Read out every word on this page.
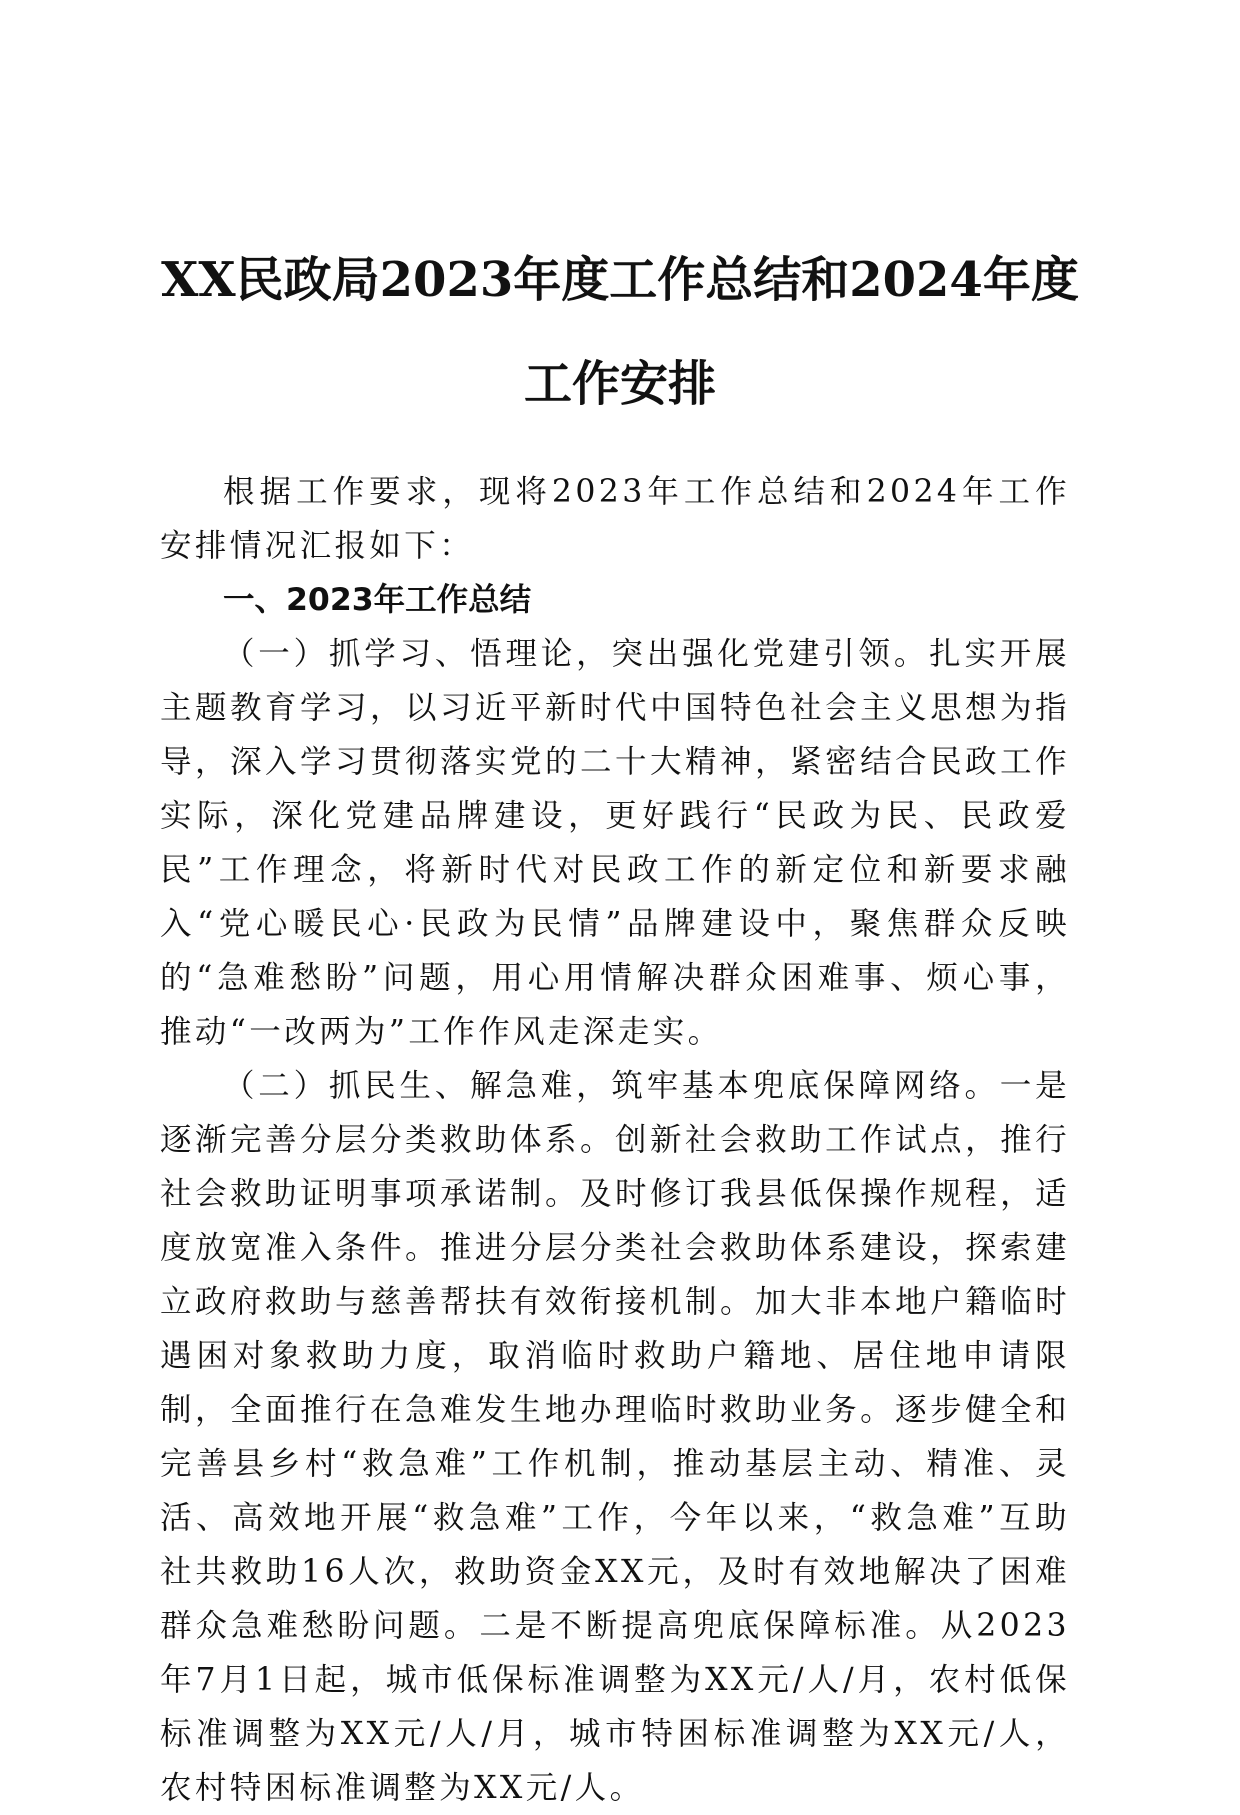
XX民政局2023年度工作总结和2024年度工作安排

根据工作要求，现将2023年工作总结和2024年工作安排情况汇报如下：

一、2023年工作总结

（一）抓学习、悟理论，突出强化党建引领。扎实开展主题教育学习，以习近平新时代中国特色社会主义思想为指导，深入学习贯彻落实党的二十大精神，紧密结合民政工作实际，深化党建品牌建设，更好践行“民政为民、民政爱民”工作理念，将新时代对民政工作的新定位和新要求融入“党心暖民心·民政为民情”品牌建设中，聚焦群众反映的“急难愁盼”问题，用心用情解决群众困难事、烦心事，推动“一改两为”工作作风走深走实。

（二）抓民生、解急难，筑牢基本兜底保障网络。一是逐渐完善分层分类救助体系。创新社会救助工作试点，推行社会救助证明事项承诺制。及时修订我县低保操作规程，适度放宽准入条件。推进分层分类社会救助体系建设，探索建立政府救助与慈善帮扶有效衔接机制。加大非本地户籍临时遇困对象救助力度，取消临时救助户籍地、居住地申请限制，全面推行在急难发生地办理临时救助业务。逐步健全和完善县乡村“救急难”工作机制，推动基层主动、精准、灵活、高效地开展“救急难”工作，今年以来，“救急难”互助社共救助16人次，救助资金XX元，及时有效地解决了困难群众急难愁盼问题。二是不断提高兜底保障标准。从2023年7月1日起，城市低保标准调整为XX元/人/月，农村低保标准调整为XX元/人/月，城市特困标准调整为XX元/人，农村特困标准调整为XX元/人。
